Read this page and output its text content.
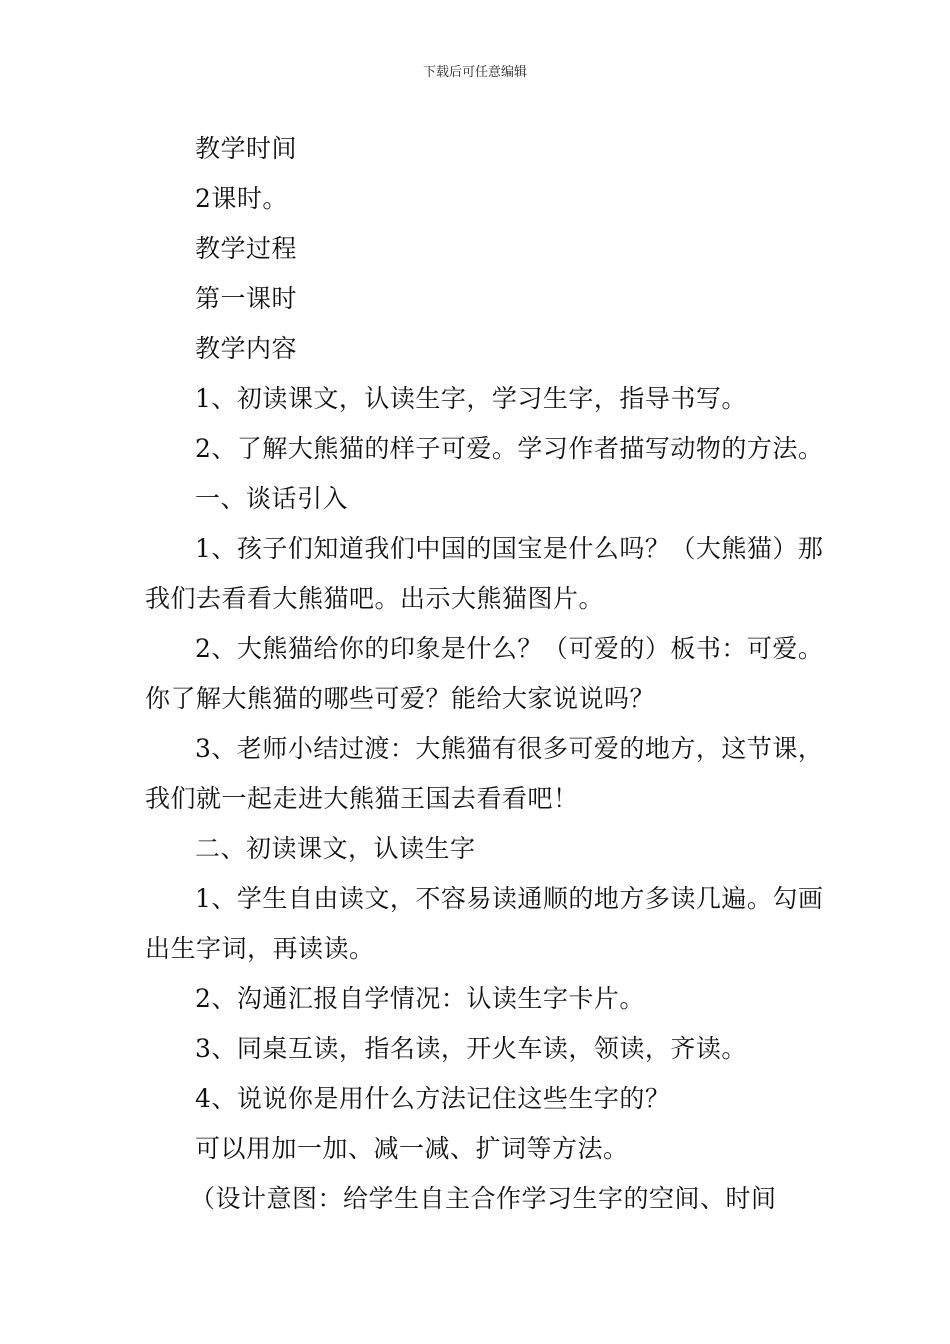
下载后可任意编辑

教学时间

2课时。

教学过程

第一课时

教学内容

1、初读课文，认读生字，学习生字，指导书写。

2、了解大熊猫的样子可爱。学习作者描写动物的方法。

一、谈话引入

1、孩子们知道我们中国的国宝是什么吗？（大熊猫）那我们去看看大熊猫吧。出示大熊猫图片。

2、大熊猫给你的印象是什么？（可爱的）板书：可爱。你了解大熊猫的哪些可爱？能给大家说说吗？

3、老师小结过渡：大熊猫有很多可爱的地方，这节课，我们就一起走进大熊猫王国去看看吧！

二、初读课文，认读生字

1、学生自由读文，不容易读通顺的地方多读几遍。勾画出生字词，再读读。

2、沟通汇报自学情况：认读生字卡片。

3、同桌互读，指名读，开火车读，领读，齐读。

4、说说你是用什么方法记住这些生字的？

可以用加一加、减一减、扩词等方法。

（设计意图：给学生自主合作学习生字的空间、时间
